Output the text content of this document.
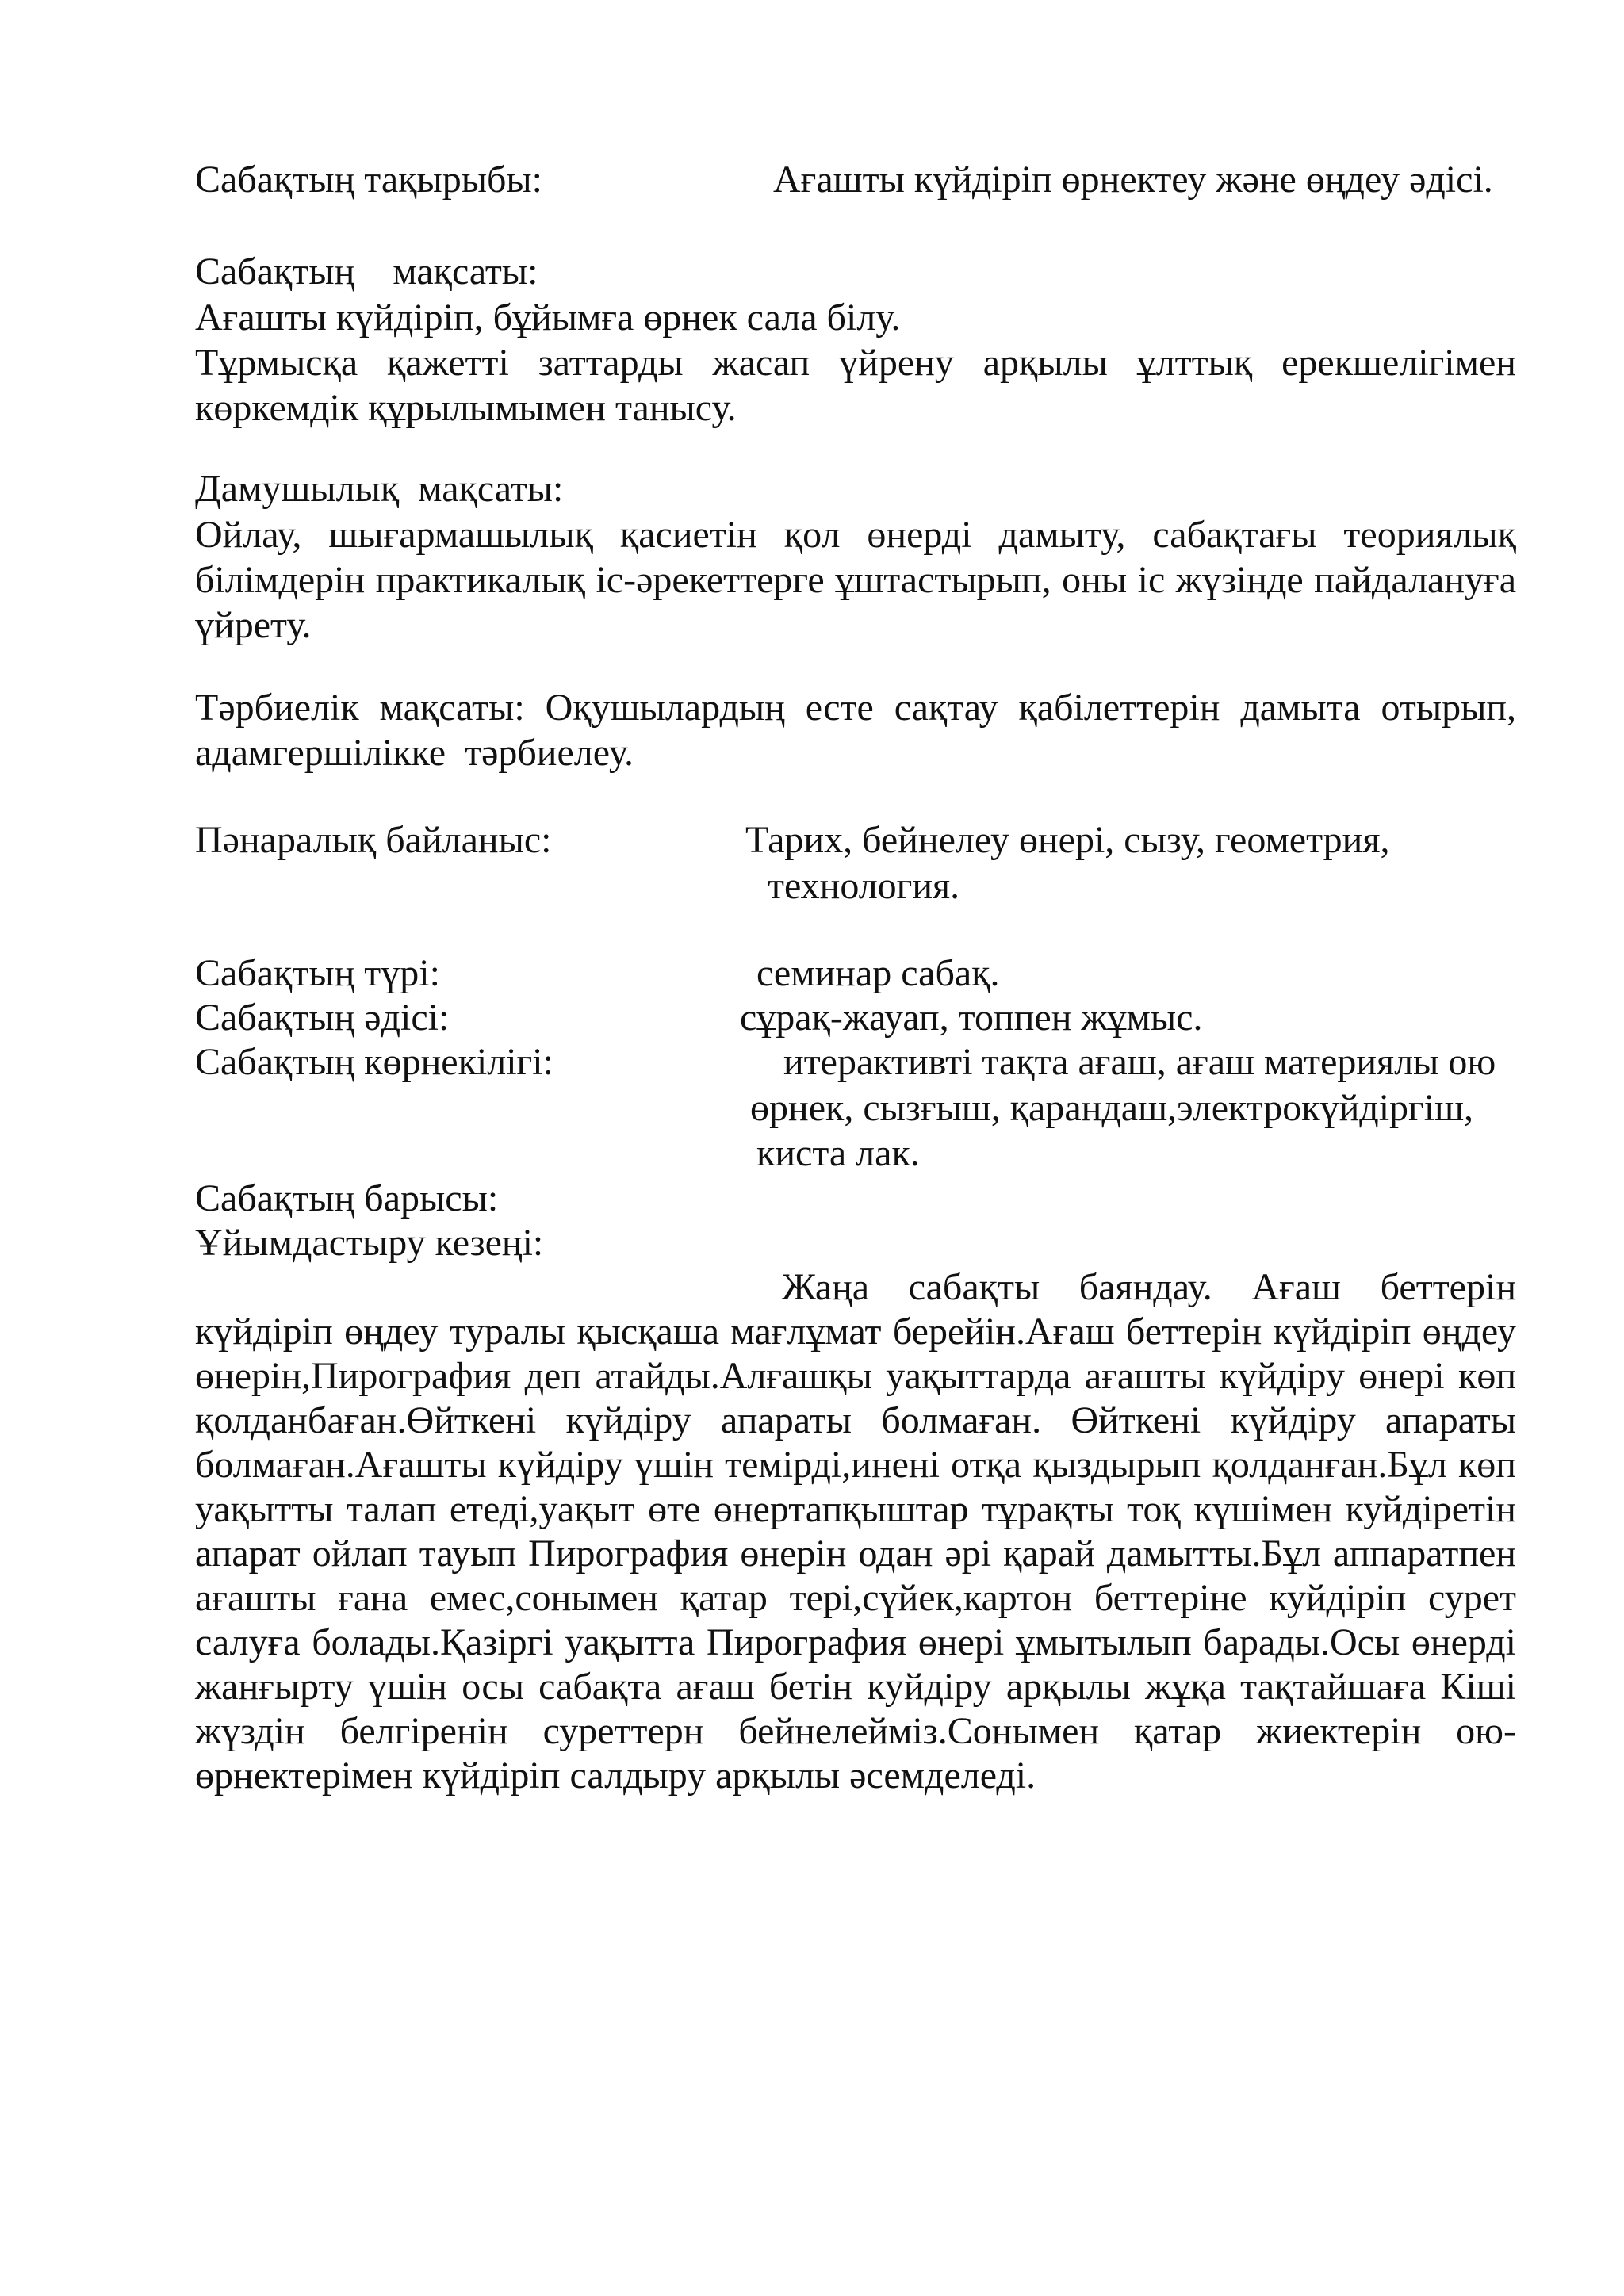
Сабақтың тақырыбы:	Ағашты күйдіріп өрнектеу және өңдеу әдісі.
Сабақтың    мақсаты:
Ағашты күйдіріп, бұйымға өрнек сала білу.
Тұрмысқа қажетті заттарды жасап үйрену арқылы ұлттық ерекшелігімен көркемдік құрылымымен танысу.
Дамушылық  мақсаты:
Ойлау, шығармашылық қасиетін қол өнерді дамыту, сабақтағы теориялық білімдерін практикалық іс-әрекеттерге ұштастырып, оны іс жүзінде пайдалануға үйрету.
Тәрбиелік мақсаты: Оқушылардың есте сақтау қабілеттерін дамыта отырып, адамгершілікке  тәрбиелеу.
Пәнаралық байланыс:	Тарих, бейнелеу өнері, сызу, геометрия,
технология.
Сабақтың түрі:	семинар сабақ.
Сабақтың әдісі:	сұрақ-жауап, топпен жұмыс.
Сабақтың көрнекілігі:	итерактивті тақта ағаш, ағаш материялы ою
өрнек, сызғыш, қарандаш,электрокүйдіргіш,
киста лак.
Сабақтың барысы:
Ұйымдастыру кезеңі:
Жаңа сабақты баяндау. Ағаш беттерін күйдіріп өңдеу туралы қысқаша мағлұмат берейін.Ағаш беттерін күйдіріп өңдеу өнерін,Пирография деп атайды.Алғашқы уақыттарда ағашты күйдіру өнері көп қолданбаған.Өйткені күйдіру апараты болмаған. Өйткені күйдіру апараты болмаған.Ағашты күйдіру үшін темірді,инені отқа қыздырып қолданған.Бұл көп уақытты талап етеді,уақыт өте өнертапқыштар тұрақты тоқ күшімен куйдіретін апарат ойлап тауып Пирография өнерін одан әрі қарай дамытты.Бұл аппаратпен ағашты ғана емес,сонымен қатар тері,сүйек,картон беттеріне куйдіріп сурет салуға болады.Қазіргі уақытта Пирография өнері ұмытылып барады.Осы өнерді жанғырту үшін осы сабақта ағаш бетін куйдіру арқылы жұқа тақтайшаға Кіші жүздін белгіренін суреттерн бейнелейміз.Сонымен қатар жиектерін ою-өрнектерімен күйдіріп салдыру арқылы әсемделеді.
